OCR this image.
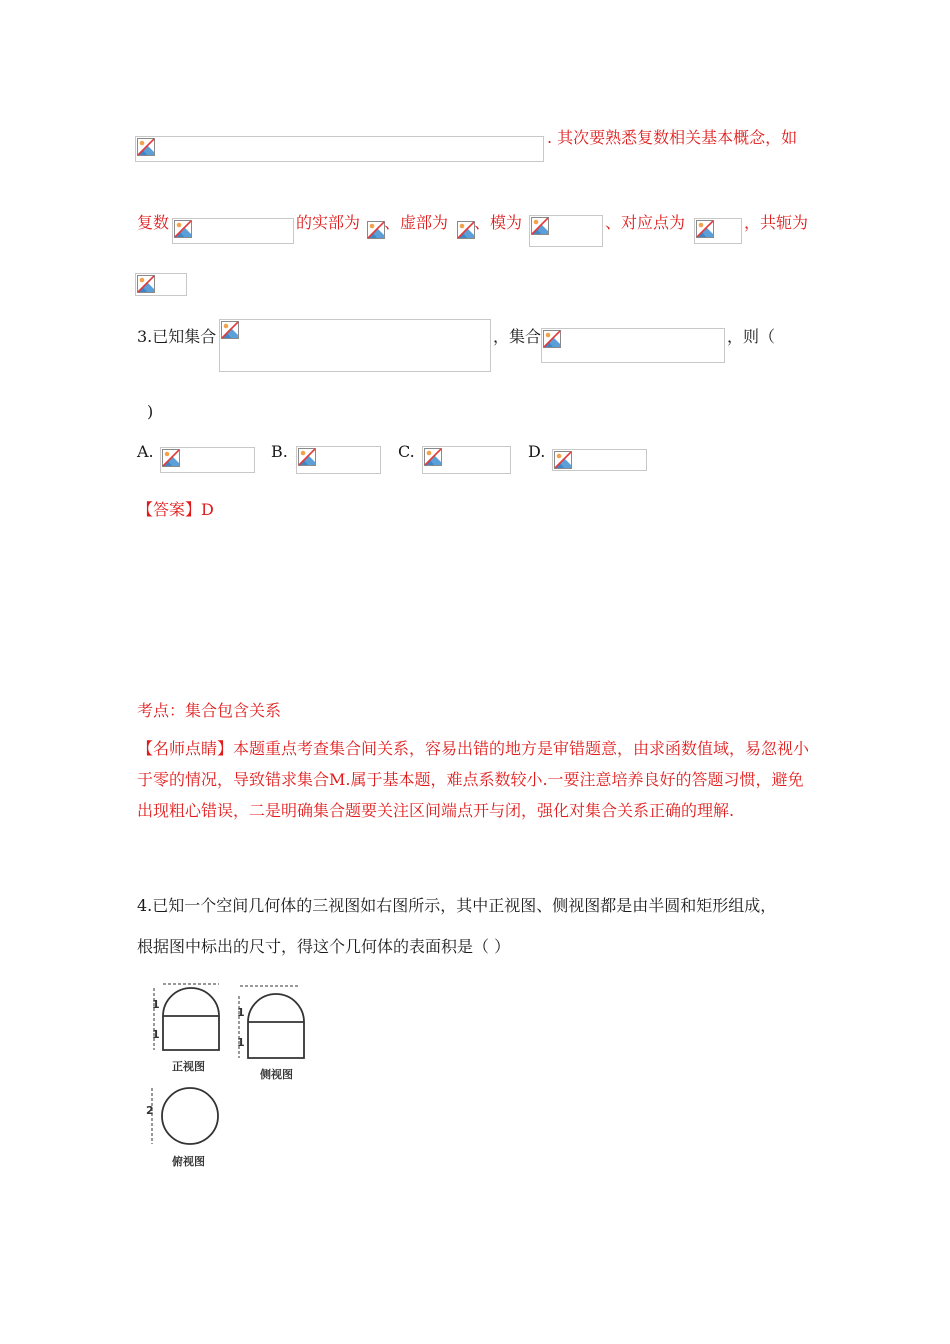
. 其次要熟悉复数相关基本概念，如
复数	的实部为 、虚部为 、模为	、对应点为	，共轭为
3.已知集合	，集合	，则（
)
A.	B.	C.	D.
【答案】D
考点：集合包含关系
【名师点睛】本题重点考查集合间关系，容易出错的地方是审错题意，由求函数值域，易忽视小于零的情况，导致错求集合M.属于基本题，难点系数较小.一要注意培养良好的答题习惯，避免出现粗心错误，二是明确集合题要关注区间端点开与闭，强化对集合关系正确的理解.
4.已知一个空间几何体的三视图如右图所示，其中正视图、侧视图都是由半圆和矩形组成，
根据图中标出的尺寸，得这个几何体的表面积是（ ）
1
1
正视图
1
1
侧视图
2
俯视图
